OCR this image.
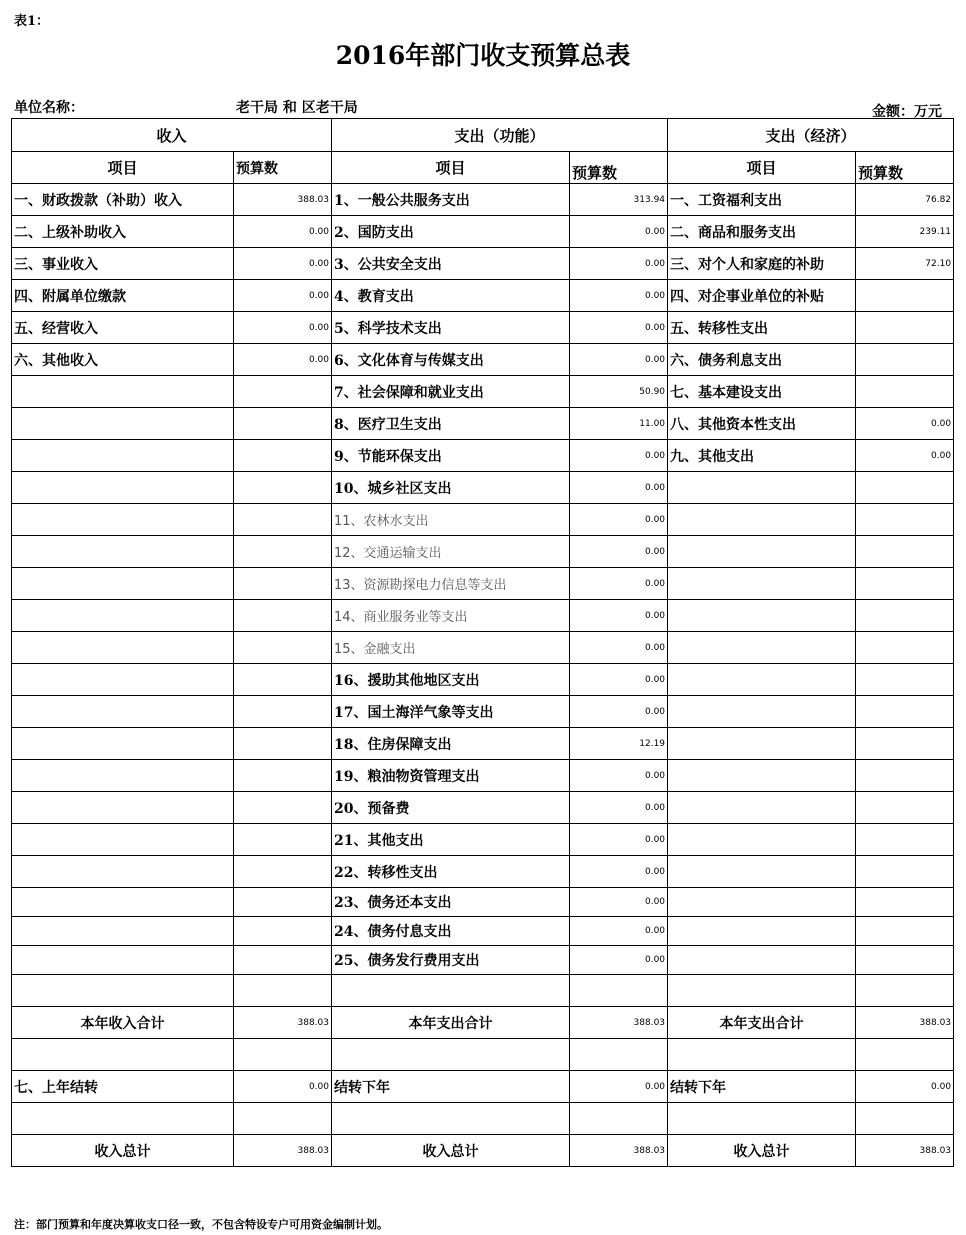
表1：
2016年部门收支预算总表
单位名称：	老干局 和 区老干局	金额：万元
收入		支出（功能）		支出（经济）	
项目	预算数	项目	预算数	项目	预算数
一、财政拨款（补助）收入	388.03	1、一般公共服务支出	313.94	一、工资福利支出	76.82
二、上级补助收入	0.00	2、国防支出	0.00	二、商品和服务支出	239.11
三、事业收入	0.00	3、公共安全支出	0.00	三、对个人和家庭的补助	72.10
四、附属单位缴款	0.00	4、教育支出	0.00	四、对企事业单位的补贴	
五、经营收入	0.00	5、科学技术支出	0.00	五、转移性支出	
六、其他收入	0.00	6、文化体育与传媒支出	0.00	六、债务利息支出	
		7、社会保障和就业支出	50.90	七、基本建设支出	
		8、医疗卫生支出	11.00	八、其他资本性支出	0.00
		9、节能环保支出	0.00	九、其他支出	0.00
		10、城乡社区支出	0.00		
		11、农林水支出	0.00		
		12、交通运输支出	0.00		
		13、资源勘探电力信息等支出	0.00		
		14、商业服务业等支出	0.00		
		15、金融支出	0.00		
		16、援助其他地区支出	0.00		
		17、国土海洋气象等支出	0.00		
		18、住房保障支出	12.19		
		19、粮油物资管理支出	0.00		
		20、预备费	0.00		
		21、其他支出	0.00		
		22、转移性支出	0.00		
		23、债务还本支出	0.00		
		24、债务付息支出	0.00		
		25、债务发行费用支出	0.00		

本年收入合计	388.03	本年支出合计	388.03	本年支出合计	388.03

七、上年结转	0.00	结转下年	0.00	结转下年	0.00

收入总计	388.03	收入总计	388.03	收入总计	388.03
注：部门预算和年度决算收支口径一致，不包含特设专户可用资金编制计划。
